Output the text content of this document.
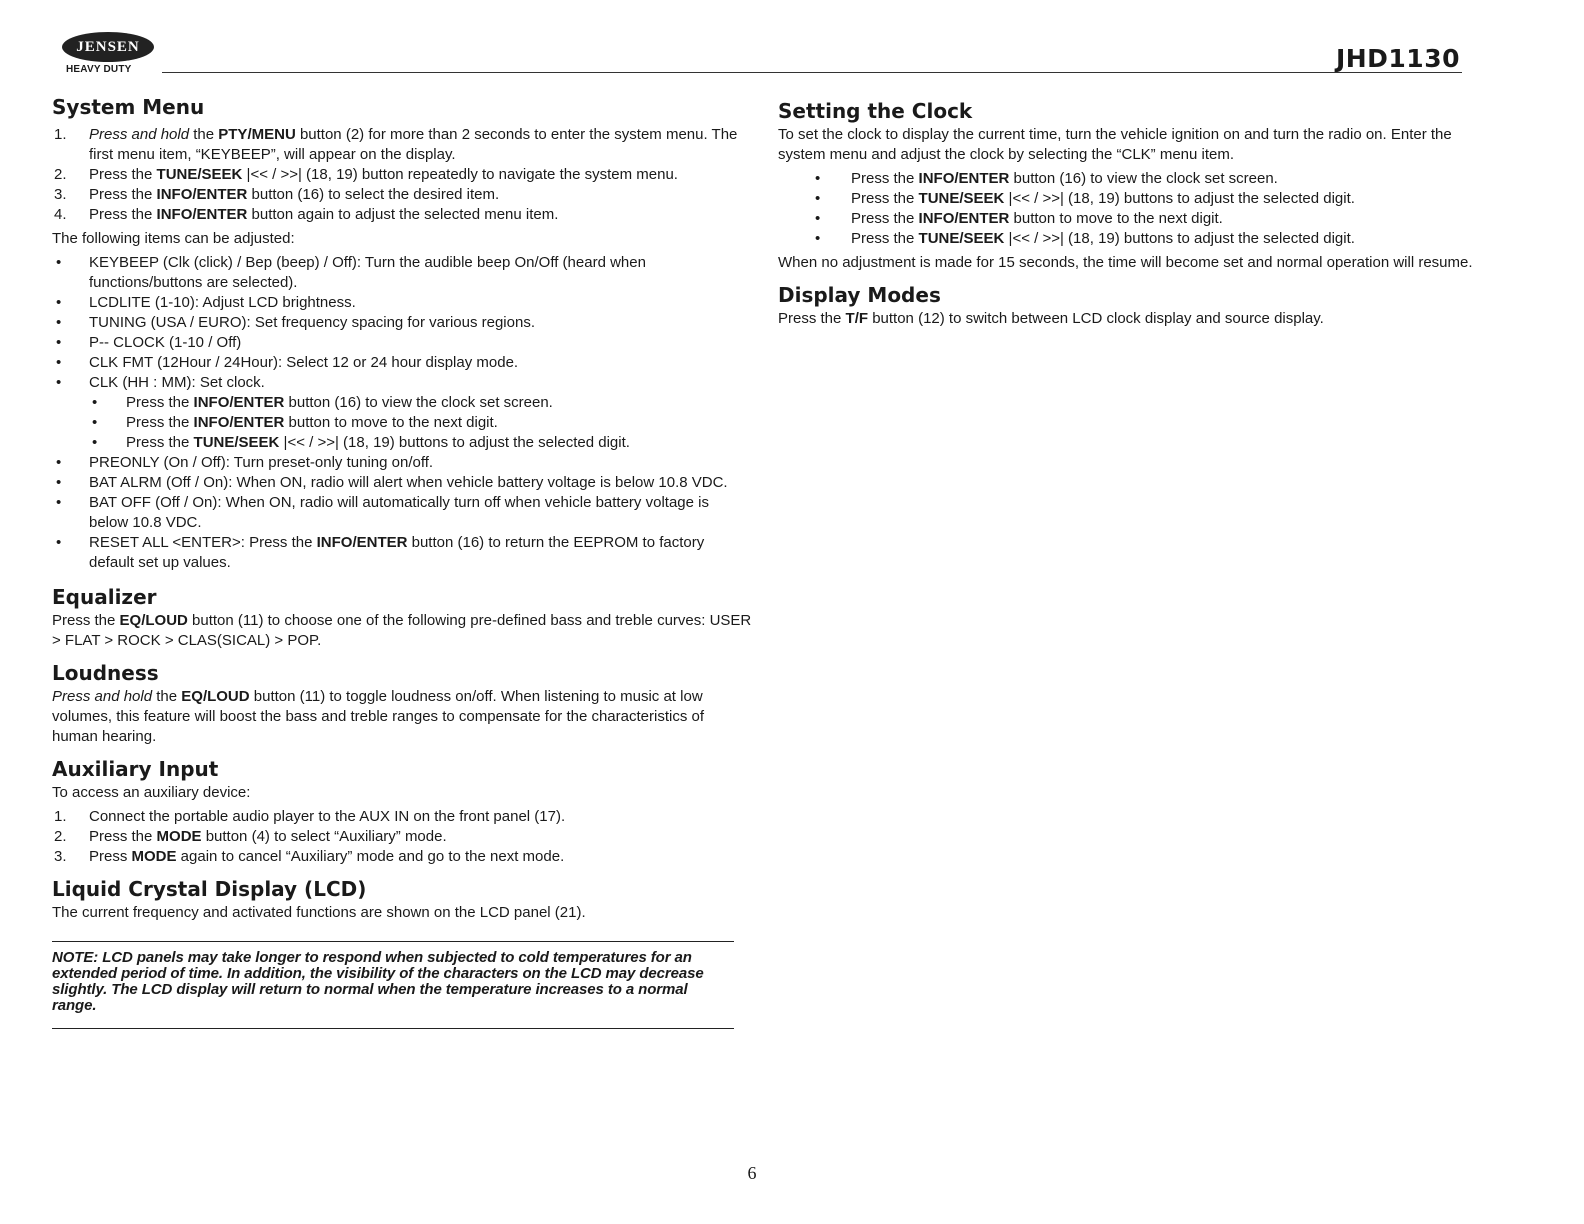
JENSEN
HEAVY DUTY	JHD1130
System Menu
1. Press and hold the PTY/MENU button (2) for more than 2 seconds to enter the system menu. The first menu item, “KEYBEEP”, will appear on the display.
2. Press the TUNE/SEEK |<< / >>| (18, 19) button repeatedly to navigate the system menu.
3. Press the INFO/ENTER button (16) to select the desired item.
4. Press the INFO/ENTER button again to adjust the selected menu item.

The following items can be adjusted:

• KEYBEEP (Clk (click) / Bep (beep) / Off): Turn the audible beep On/Off (heard when functions/buttons are selected).
• LCDLITE (1-10): Adjust LCD brightness.
• TUNING (USA / EURO): Set frequency spacing for various regions.
• P-- CLOCK (1-10 / Off)
• CLK FMT (12Hour / 24Hour): Select 12 or 24 hour display mode.
• CLK (HH : MM): Set clock.
• Press the INFO/ENTER button (16) to view the clock set screen.
• Press the INFO/ENTER button to move to the next digit.
• Press the TUNE/SEEK |<< / >>| (18, 19) buttons to adjust the selected digit.
• PREONLY (On / Off): Turn preset-only tuning on/off.
• BAT ALRM (Off / On): When ON, radio will alert when vehicle battery voltage is below 10.8 VDC.
• BAT OFF (Off / On): When ON, radio will automatically turn off when vehicle battery voltage is below 10.8 VDC.
• RESET ALL <ENTER>: Press the INFO/ENTER button (16) to return the EEPROM to factory default set up values.
Equalizer

Press the EQ/LOUD button (11) to choose one of the following pre-defined bass and treble curves: USER > FLAT > ROCK > CLAS(SICAL) > POP.

Loudness

Press and hold the EQ/LOUD button (11) to toggle loudness on/off. When listening to music at low volumes, this feature will boost the bass and treble ranges to compensate for the characteristics of human hearing.

Auxiliary Input

To access an auxiliary device:

1. Connect the portable audio player to the AUX IN on the front panel (17).
2. Press the MODE button (4) to select “Auxiliary” mode.
3. Press MODE again to cancel “Auxiliary” mode and go to the next mode.
Liquid Crystal Display (LCD)

The current frequency and activated functions are shown on the LCD panel (21).

NOTE: LCD panels may take longer to respond when subjected to cold temperatures for an extended period of time. In addition, the visibility of the characters on the LCD may decrease slightly. The LCD display will return to normal when the temperature increases to a normal range.

Setting the Clock

To set the clock to display the current time, turn the vehicle ignition on and turn the radio on. Enter the system menu and adjust the clock by selecting the “CLK” menu item.

• Press the INFO/ENTER button (16) to view the clock set screen.
• Press the TUNE/SEEK |<< / >>| (18, 19) buttons to adjust the selected digit.
• Press the INFO/ENTER button to move to the next digit.
• Press the TUNE/SEEK |<< / >>| (18, 19) buttons to adjust the selected digit.

When no adjustment is made for 15 seconds, the time will become set and normal operation will resume.

Display Modes

Press the T/F button (12) to switch between LCD clock display and source display.

6
